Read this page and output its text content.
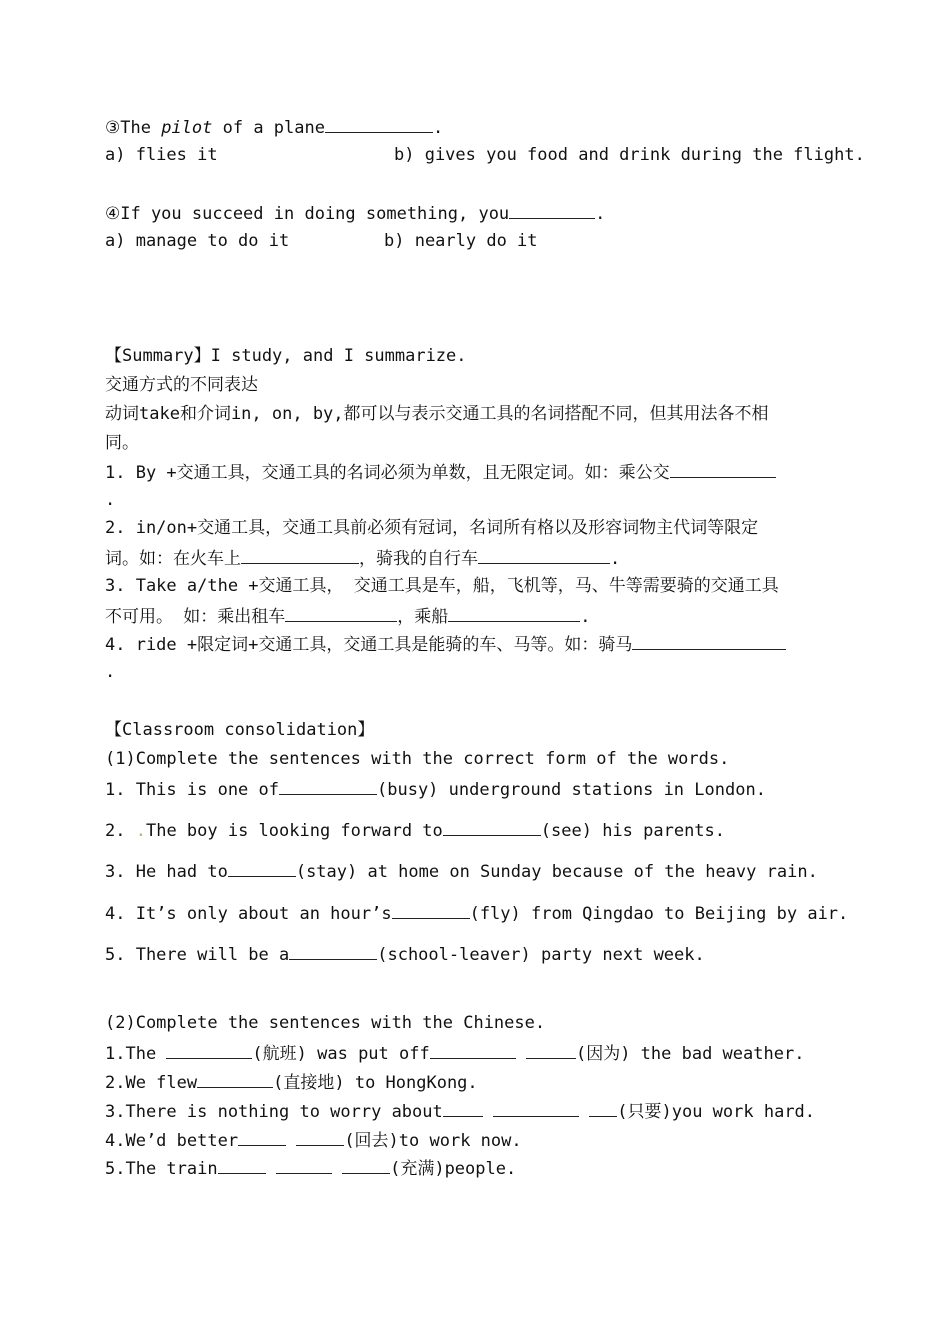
③The pilot of a plane	.
a) flies it	b) gives you food and drink during the flight.
④If you succeed in doing something, you	.
a) manage to do it	b) nearly do it
【Summary】I study, and I summarize.
交通方式的不同表达
动词take和介词in, on, by,都可以与表示交通工具的名词搭配不同，但其用法各不相
同。
1. By +交通工具，交通工具的名词必须为单数，且无限定词。如：乘公交
.
2. in/on+交通工具，交通工具前必须有冠词，名词所有格以及形容词物主代词等限定
词。如：在火车上	，骑我的自行车	.
3. Take a/the +交通工具， 交通工具是车，船，飞机等，马、牛等需要骑的交通工具
不可用。 如：乘出租车	，乘船	.
4. ride +限定词+交通工具，交通工具是能骑的车、马等。如：骑马
.
【Classroom consolidation】
(1)Complete the sentences with the correct form of the words.
1. This is one of	(busy) underground stations in London.
2. .The boy is looking forward to	(see) his parents.
3. He had to	(stay) at home on Sunday because of the heavy rain.
4. It’s only about an hour’s	(fly) from Qingdao to Beijing by air.
5. There will be a	(school-leaver) party next week.
(2)Complete the sentences with the Chinese.
1.The	(航班) was put off	(因为) the bad weather.
2.We flew	(直接地) to HongKong.
3.There is nothing to worry about	(只要)you work hard.
4.We’d better	(回去)to work now.
5.The train	(充满)people.
